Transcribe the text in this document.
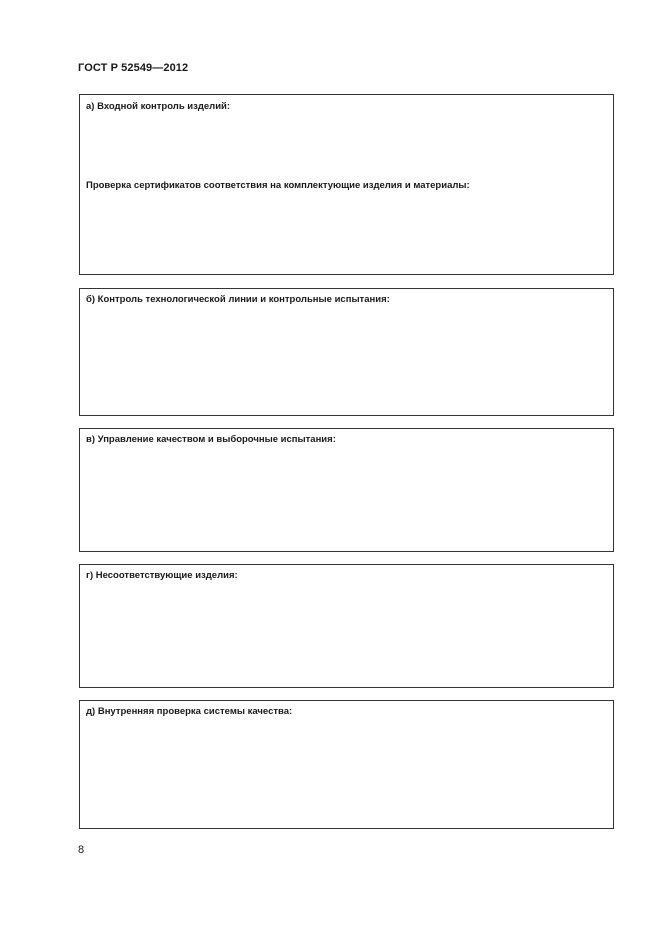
ГОСТ Р 52549—2012
а) Входной контроль изделий:
Проверка сертификатов соответствия на комплектующие изделия и материалы:
б) Контроль технологической линии и контрольные испытания:
в) Управление качеством и выборочные испытания:
г) Несоответствующие изделия:
д) Внутренняя проверка системы качества:
8
